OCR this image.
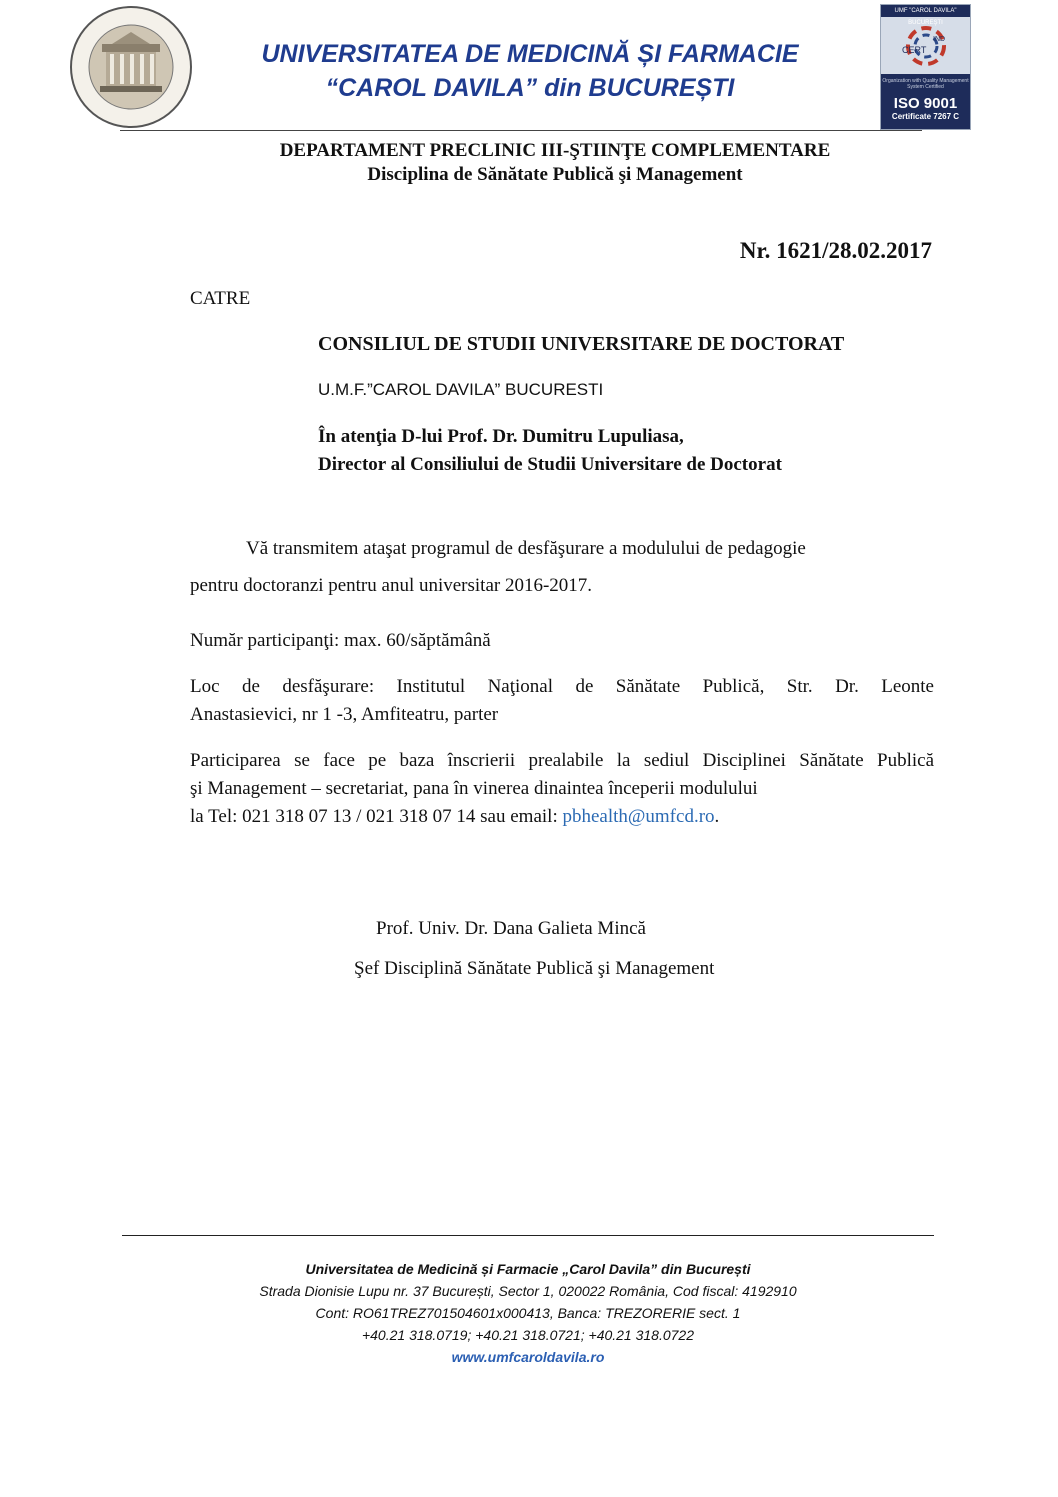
UNIVERSITATEA DE MEDICINĂ ȘI FARMACIE
“CAROL DAVILA” din BUCUREȘTI
UMF "CAROL DAVILA" BUCUREŞTI
CERT
IND
Organization with Quality Management System Certified
ISO 9001
Certificate 7267 C
DEPARTAMENT PRECLINIC III-ŞTIINŢE COMPLEMENTARE
Disciplina de Sănătate Publică şi Management
Nr. 1621/28.02.2017
CATRE
CONSILIUL DE STUDII UNIVERSITARE DE DOCTORAT
U.M.F.”CAROL DAVILA” BUCURESTI
În atenţia D-lui Prof. Dr. Dumitru Lupuliasa,
Director al Consiliului de Studii Universitare de Doctorat
Vă transmitem ataşat programul de desfăşurare a modulului de pedagogie
pentru doctoranzi pentru anul universitar 2016-2017.
Număr participanţi: max. 60/săptămână
Loc de desfăşurare: Institutul Naţional de Sănătate Publică, Str. Dr. Leonte
Anastasievici, nr 1 -3, Amfiteatru, parter
Participarea se face pe baza înscrierii prealabile la sediul Disciplinei Sănătate Publică
şi Management – secretariat, pana în vinerea dinaintea începerii modulului
la Tel: 021 318 07 13 / 021 318 07 14 sau email: pbhealth@umfcd.ro.
Prof. Univ. Dr. Dana Galieta Mincă
Şef Disciplină Sănătate Publică şi Management
Universitatea de Medicină și Farmacie „Carol Davila” din București
Strada Dionisie Lupu nr. 37 București, Sector 1, 020022 România, Cod fiscal: 4192910
Cont: RO61TREZ701504601x000413, Banca: TREZORERIE sect. 1
+40.21 318.0719; +40.21 318.0721; +40.21 318.0722
www.umfcaroldavila.ro
